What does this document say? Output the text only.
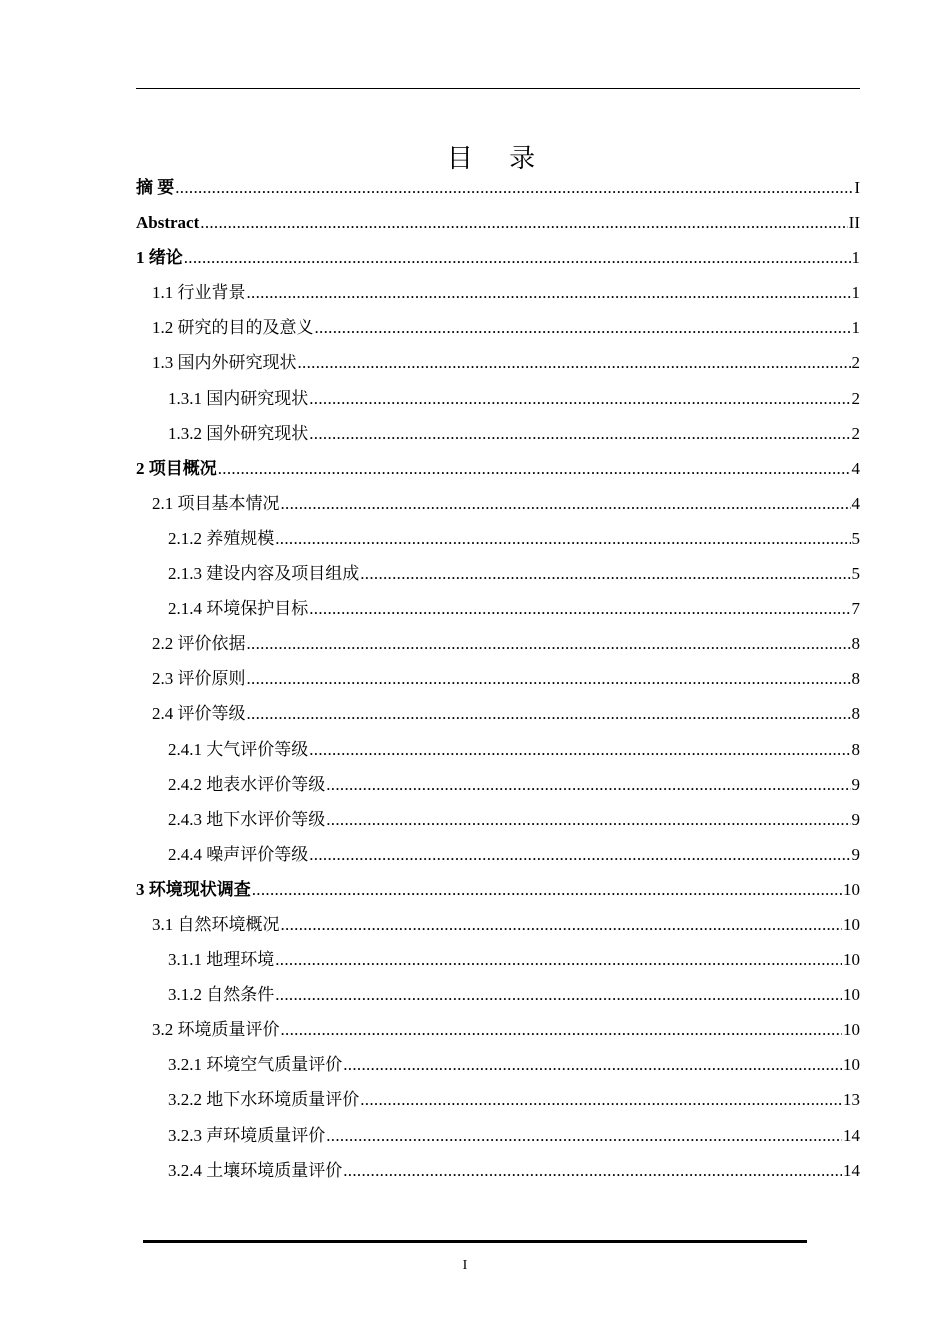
目 录
摘 要 .....	I
Abstract .....	II
1 绪论 .....	1
1.1 行业背景 .....	1
1.2 研究的目的及意义 .....	1
1.3 国内外研究现状 .....	2
1.3.1 国内研究现状 .....	2
1.3.2 国外研究现状 .....	2
2 项目概况 .....	4
2.1 项目基本情况 .....	4
2.1.2 养殖规模 .....	5
2.1.3 建设内容及项目组成 .....	5
2.1.4 环境保护目标 .....	7
2.2 评价依据 .....	8
2.3 评价原则 .....	8
2.4 评价等级 .....	8
2.4.1 大气评价等级 .....	8
2.4.2 地表水评价等级 .....	9
2.4.3 地下水评价等级 .....	9
2.4.4 噪声评价等级 .....	9
3 环境现状调查 .....	10
3.1 自然环境概况 .....	10
3.1.1 地理环境 .....	10
3.1.2 自然条件 .....	10
3.2 环境质量评价 .....	10
3.2.1 环境空气质量评价 .....	10
3.2.2 地下水环境质量评价 .....	13
3.2.3 声环境质量评价 .....	14
3.2.4 土壤环境质量评价 .....	14
I
